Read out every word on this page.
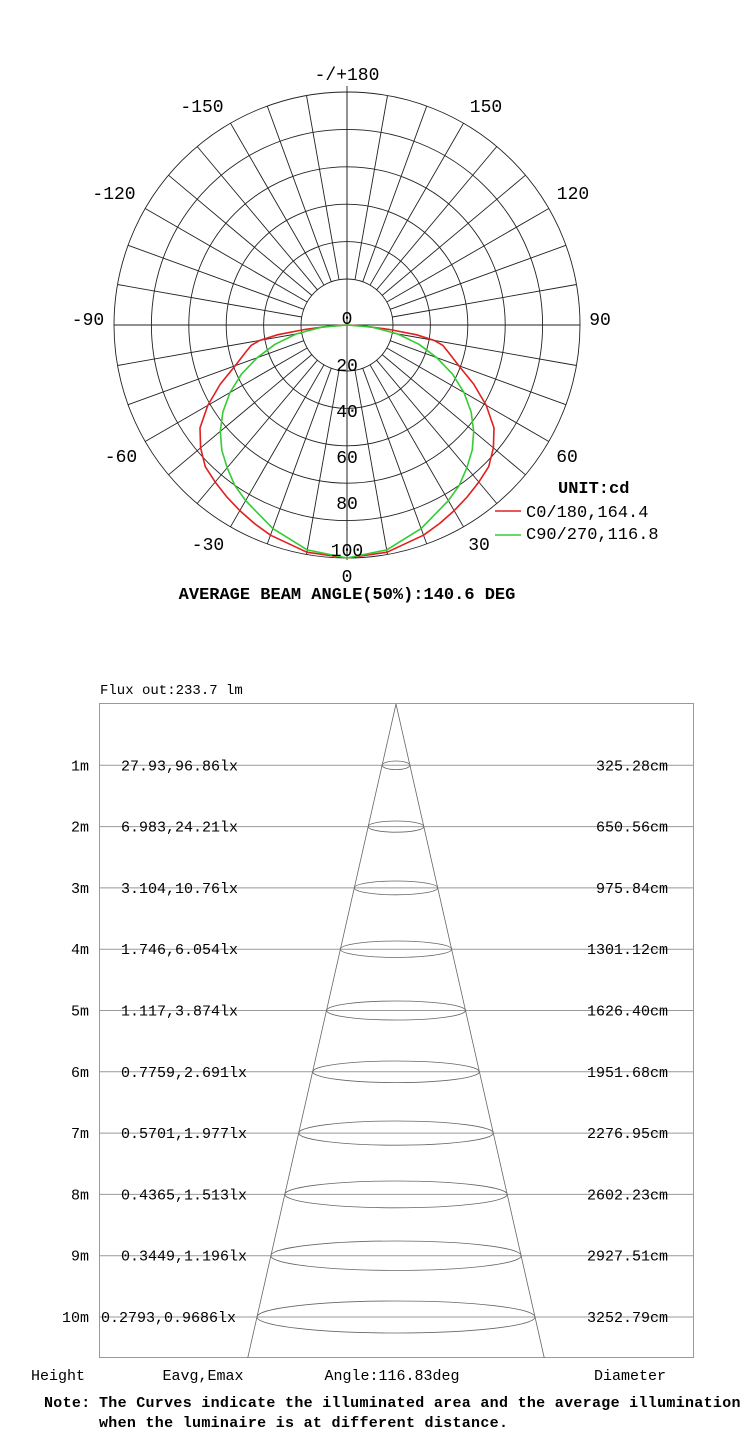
-/+180
-150	150
-120	120
-90	90
-60	60
-30	30
0
0
20
40
60
80
100
UNIT:cd
C0/180,164.4
C90/270,116.8
AVERAGE BEAM ANGLE(50%):140.6 DEG
Flux out:233.7 lm
1m 27.93,96.86lx	325.28cm
2m 6.983,24.21lx	650.56cm
3m 3.104,10.76lx	975.84cm
4m 1.746,6.054lx	1301.12cm
5m 1.117,3.874lx	1626.40cm
6m 0.7759,2.691lx	1951.68cm
7m 0.5701,1.977lx	2276.95cm
8m 0.4365,1.513lx	2602.23cm
9m 0.3449,1.196lx	2927.51cm
10m 0.2793,0.9686lx	3252.79cm
Height	Eavg,Emax	Angle:116.83deg	Diameter
Note: The Curves indicate the illuminated area and the average illumination when the luminaire is at different distance.
